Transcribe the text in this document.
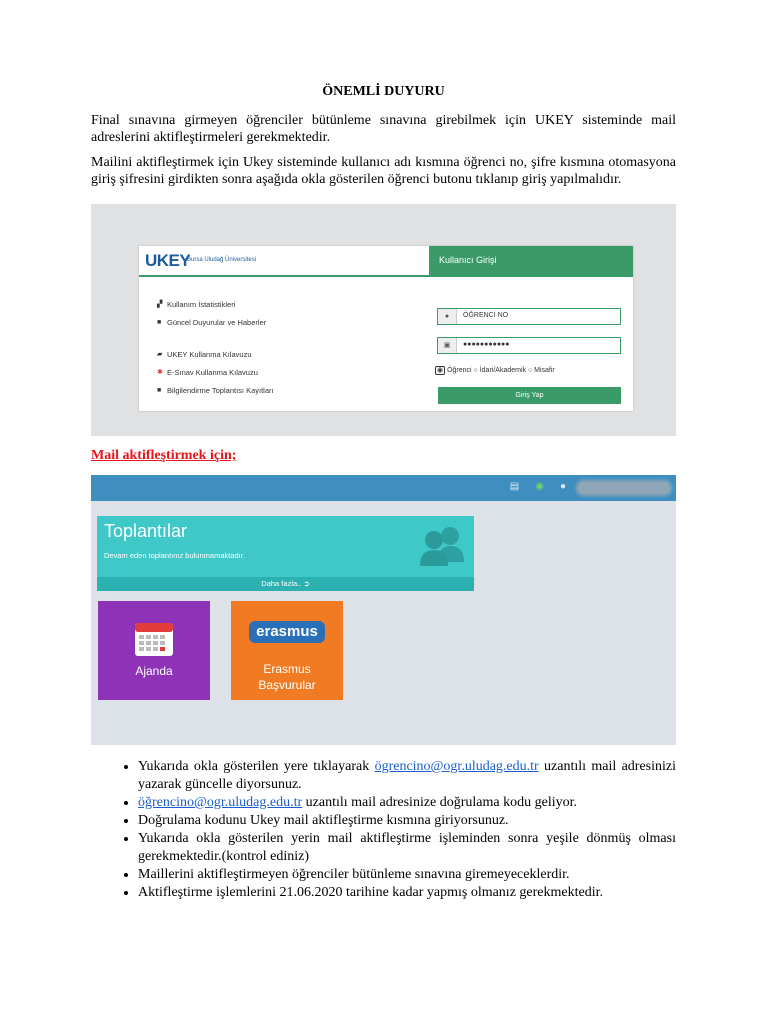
ÖNEMLİ DUYURU

Final sınavına girmeyen öğrenciler bütünleme sınavına girebilmek için UKEY sisteminde mail adreslerini aktifleştirmeleri gerekmektedir.

Mailini aktifleştirmek için Ukey sisteminde kullanıcı adı kısmına öğrenci no, şifre kısmına otomasyona giriş şifresini girdikten sonra aşağıda okla gösterilen öğrenci butonu tıklanıp giriş yapılmalıdır.

UKEY
Bursa Uludağ Üniversitesi	Kullanıcı Girişi
▞ Kullanım İstatistikleri
■ Güncel Duyurular ve Haberler
▰ UKEY Kullanma Kılavuzu
✱ E-Sınav Kullanma Kılavuzu
■ Bilgilendirme Toplantısı Kayıtları
●	ÖĞRENCİ NO
▣	●●●●●●●●●●●
◉ Öğrenci ○ İdari/Akademik ○ Misafir
Giriş Yap
Mail aktifleştirmek için;
▤ ◉ ●
Toplantılar
Devam eden toplantınız bulunmamaktadır.
Daha fazla.. ➲
Ajanda
erasmus
Erasmus Başvurular
• Yukarıda okla gösterilen yere tıklayarak ögrencino@ogr.uludag.edu.tr uzantılı mail adresinizi yazarak güncelle diyorsunuz.
• öğrencino@ogr.uludag.edu.tr uzantılı mail adresinize doğrulama kodu geliyor.
• Doğrulama kodunu Ukey mail aktifleştirme kısmına giriyorsunuz.
• Yukarıda okla gösterilen yerin mail aktifleştirme işleminden sonra yeşile dönmüş olması gerekmektedir.(kontrol ediniz)
• Maillerini aktifleştirmeyen öğrenciler bütünleme sınavına giremeyeceklerdir.
• Aktifleştirme işlemlerini 21.06.2020 tarihine kadar yapmış olmanız gerekmektedir.
